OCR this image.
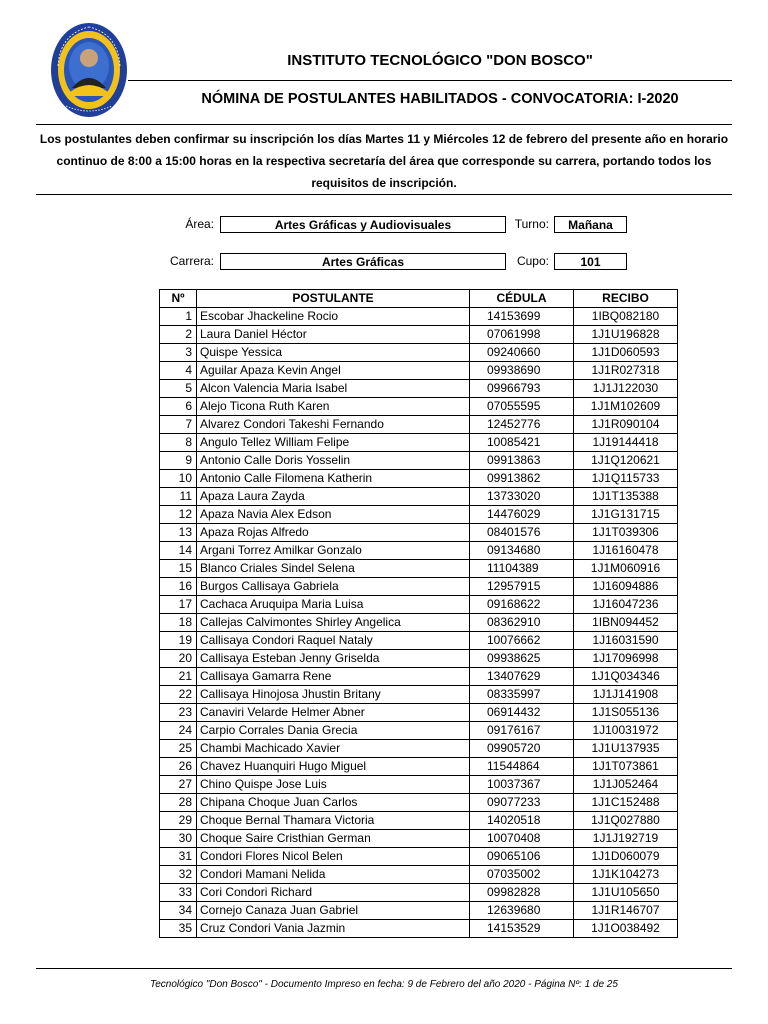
INSTITUTO TECNOLÓGICO "DON BOSCO"
NÓMINA DE POSTULANTES HABILITADOS - CONVOCATORIA: I-2020
Los postulantes deben confirmar su inscripción los días Martes 11 y Miércoles 12 de febrero del presente año en horario continuo de 8:00 a 15:00 horas en la respectiva secretaría del área que corresponde su carrera, portando todos los requisitos de inscripción.
Área:	Artes Gráficas y Audiovisuales	Turno:	Mañana
Carrera:	Artes Gráficas	Cupo:	101
Nº	POSTULANTE	CÉDULA	RECIBO
1	Escobar Jhackeline Rocio	14153699	1IBQ082180
2	Laura Daniel Héctor	07061998	1J1U196828
3	Quispe Yessica	09240660	1J1D060593
4	Aguilar Apaza Kevin Angel	09938690	1J1R027318
5	Alcon Valencia Maria Isabel	09966793	1J1J122030
6	Alejo Ticona Ruth Karen	07055595	1J1M102609
7	Alvarez Condori Takeshi Fernando	12452776	1J1R090104
8	Angulo Tellez William Felipe	10085421	1J19144418
9	Antonio Calle Doris Yosselin	09913863	1J1Q120621
10	Antonio Calle Filomena Katherin	09913862	1J1Q115733
11	Apaza Laura Zayda	13733020	1J1T135388
12	Apaza Navia Alex Edson	14476029	1J1G131715
13	Apaza Rojas Alfredo	08401576	1J1T039306
14	Argani Torrez Amilkar Gonzalo	09134680	1J16160478
15	Blanco Criales Sindel Selena	11104389	1J1M060916
16	Burgos Callisaya Gabriela	12957915	1J16094886
17	Cachaca Aruquipa Maria Luisa	09168622	1J16047236
18	Callejas Calvimontes Shirley Angelica	08362910	1IBN094452
19	Callisaya Condori Raquel Nataly	10076662	1J16031590
20	Callisaya Esteban Jenny Griselda	09938625	1J17096998
21	Callisaya Gamarra Rene	13407629	1J1Q034346
22	Callisaya Hinojosa Jhustin Britany	08335997	1J1J141908
23	Canaviri Velarde Helmer Abner	06914432	1J1S055136
24	Carpio Corrales Dania Grecia	09176167	1J10031972
25	Chambi Machicado Xavier	09905720	1J1U137935
26	Chavez Huanquiri Hugo Miguel	11544864	1J1T073861
27	Chino Quispe Jose Luis	10037367	1J1J052464
28	Chipana Choque Juan Carlos	09077233	1J1C152488
29	Choque Bernal Thamara Victoria	14020518	1J1Q027880
30	Choque Saire Cristhian German	10070408	1J1J192719
31	Condori Flores Nicol Belen	09065106	1J1D060079
32	Condori Mamani Nelida	07035002	1J1K104273
33	Cori Condori Richard	09982828	1J1U105650
34	Cornejo Canaza Juan Gabriel	12639680	1J1R146707
35	Cruz Condori Vania Jazmin	14153529	1J1O038492
Tecnológico "Don Bosco" - Documento Impreso en fecha: 9 de Febrero del año 2020 - Página Nº: 1 de 25
